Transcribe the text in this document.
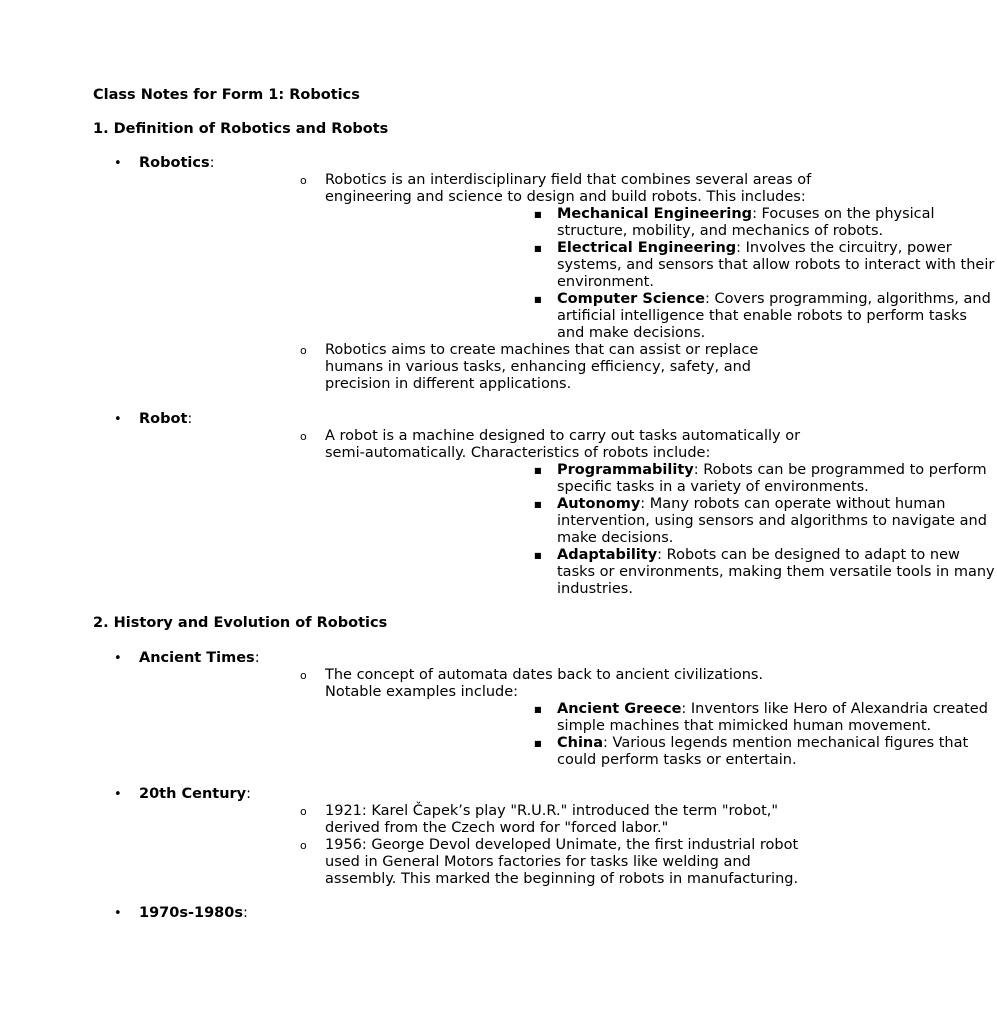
Class Notes for Form 1: Robotics

1. Definition of Robotics and Robots

• Robotics:
o Robotics is an interdisciplinary field that combines several areas of engineering and science to design and build robots. This includes:
■ Mechanical Engineering: Focuses on the physical structure, mobility, and mechanics of robots.
■ Electrical Engineering: Involves the circuitry, power systems, and sensors that allow robots to interact with their environment.
■ Computer Science: Covers programming, algorithms, and artificial intelligence that enable robots to perform tasks and make decisions.
o Robotics aims to create machines that can assist or replace humans in various tasks, enhancing efficiency, safety, and precision in different applications.
• Robot:
o A robot is a machine designed to carry out tasks automatically or semi-automatically. Characteristics of robots include:
■ Programmability: Robots can be programmed to perform specific tasks in a variety of environments.
■ Autonomy: Many robots can operate without human intervention, using sensors and algorithms to navigate and make decisions.
■ Adaptability: Robots can be designed to adapt to new tasks or environments, making them versatile tools in many industries.

2. History and Evolution of Robotics

• Ancient Times:
o The concept of automata dates back to ancient civilizations. Notable examples include:
■ Ancient Greece: Inventors like Hero of Alexandria created simple machines that mimicked human movement.
■ China: Various legends mention mechanical figures that could perform tasks or entertain.
• 20th Century:
o 1921: Karel Čapek’s play "R.U.R." introduced the term "robot," derived from the Czech word for "forced labor."
o 1956: George Devol developed Unimate, the first industrial robot used in General Motors factories for tasks like welding and assembly. This marked the beginning of robots in manufacturing.
• 1970s-1980s:
